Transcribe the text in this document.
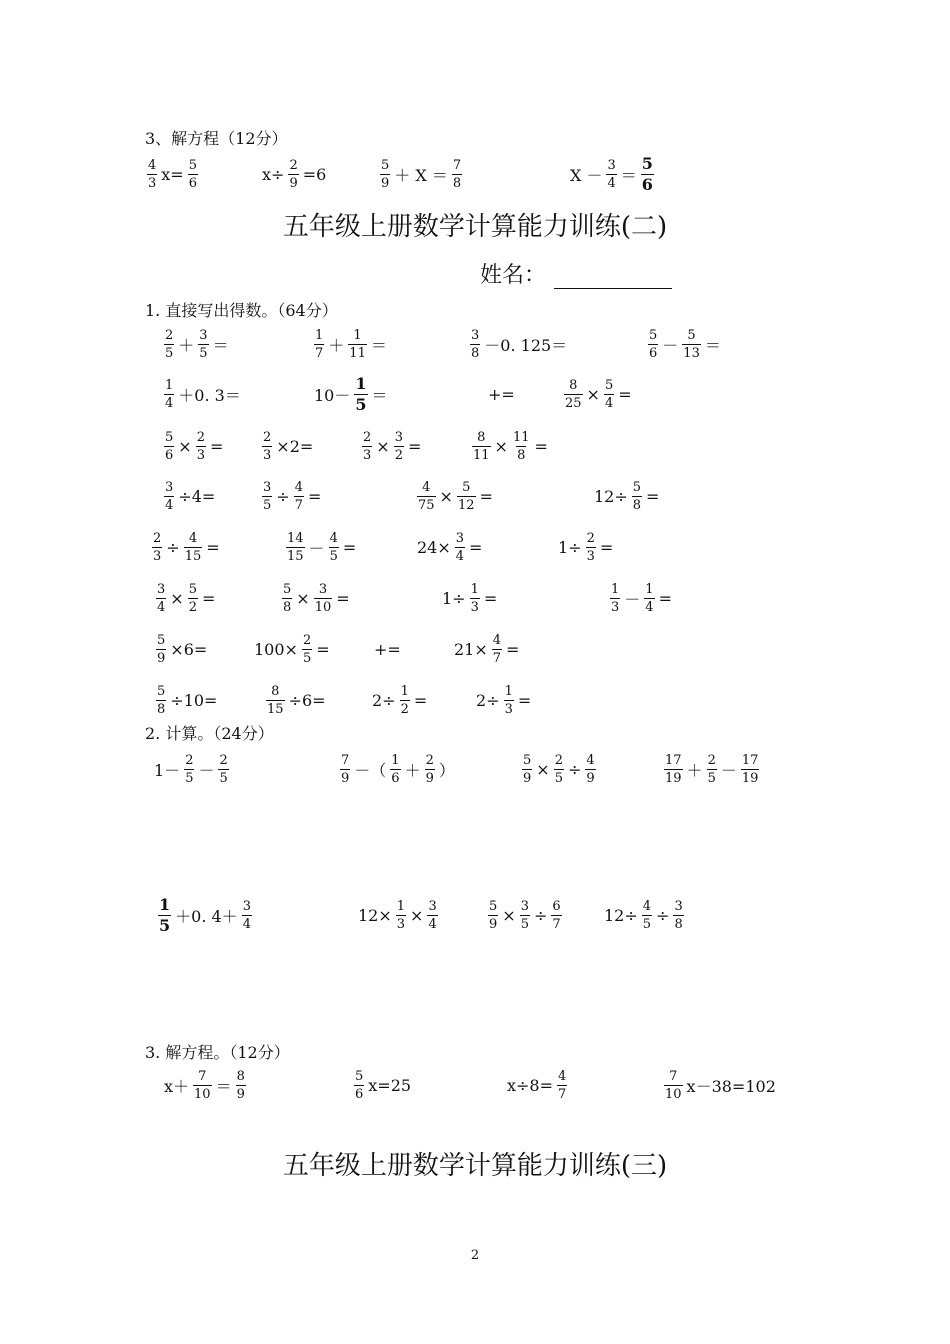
3、解方程（12分）
$\frac{4}{3} x= \frac{5}{6}$	$x\div \frac{2}{9} =6$	$\frac{5}{9} + X = \frac{7}{8}$	$X - \frac{3}{4} = \frac{5}{6}$
五年级上册数学计算能力训练(二)
姓名：
1. 直接写出得数。（64分）
$\frac{2}{5} + \frac{3}{5}$ ＝	$\frac{1}{7} + \frac{1}{11}$ ＝	$\frac{3}{8} -0$. 125＝	$\frac{5}{6} - \frac{5}{13}$ ＝
$\frac{1}{4} +0$. 3＝	$10- \frac{1}{5}$ ＝	+=	$\frac{8}{25} \times \frac{5}{4}$ =
$\frac{5}{6} \times \frac{2}{3}$ =	$\frac{2}{3} \times 2=$	$\frac{2}{3} \times \frac{3}{2}$ =	$\frac{8}{11} \times \frac{11}{8}$ =
$\frac{3}{4} \div 4=$	$\frac{3}{5} \div \frac{4}{7}$ =	$\frac{4}{75} \times \frac{5}{12}$ =	$12\div \frac{5}{8}$ =
$\frac{2}{3} \div \frac{4}{15}$ =	$\frac{14}{15} - \frac{4}{5}$ =	$24\times \frac{3}{4}$ =	$1\div \frac{2}{3}$ =
$\frac{3}{4} \times \frac{5}{2}$ =	$\frac{5}{8} \times \frac{3}{10}$ =	$1\div \frac{1}{3}$ =	$\frac{1}{3} - \frac{1}{4}$ =
$\frac{5}{9} \times 6=$	$100\times \frac{2}{5}$ =	+=	$21\times \frac{4}{7}$ =
$\frac{5}{8} \div 10=$	$\frac{8}{15} \div 6=$	$2\div \frac{1}{2}$ =	$2\div \frac{1}{3}$ =
2. 计算。（24分）
$1- \frac{2}{5} - \frac{2}{5}$	$\frac{7}{9}$ －（ $\frac{1}{6} + \frac{2}{9}$ ）	$\frac{5}{9} \times \frac{2}{5} \div \frac{4}{9}$	$\frac{17}{19} + \frac{2}{5} - \frac{17}{19}$
$\frac{1}{5} +0$. $4+ \frac{3}{4}$	$12\times \frac{1}{3} \times \frac{3}{4}$	$\frac{5}{9} \times \frac{3}{5} \div \frac{6}{7}$	$12\div \frac{4}{5} \div \frac{3}{8}$
3. 解方程。（12分）
$x+ \frac{7}{10} = \frac{8}{9}$	$\frac{5}{6} x=25$	$x\div 8= \frac{4}{7}$	$\frac{7}{10} x-38=102$
五年级上册数学计算能力训练(三)
2
